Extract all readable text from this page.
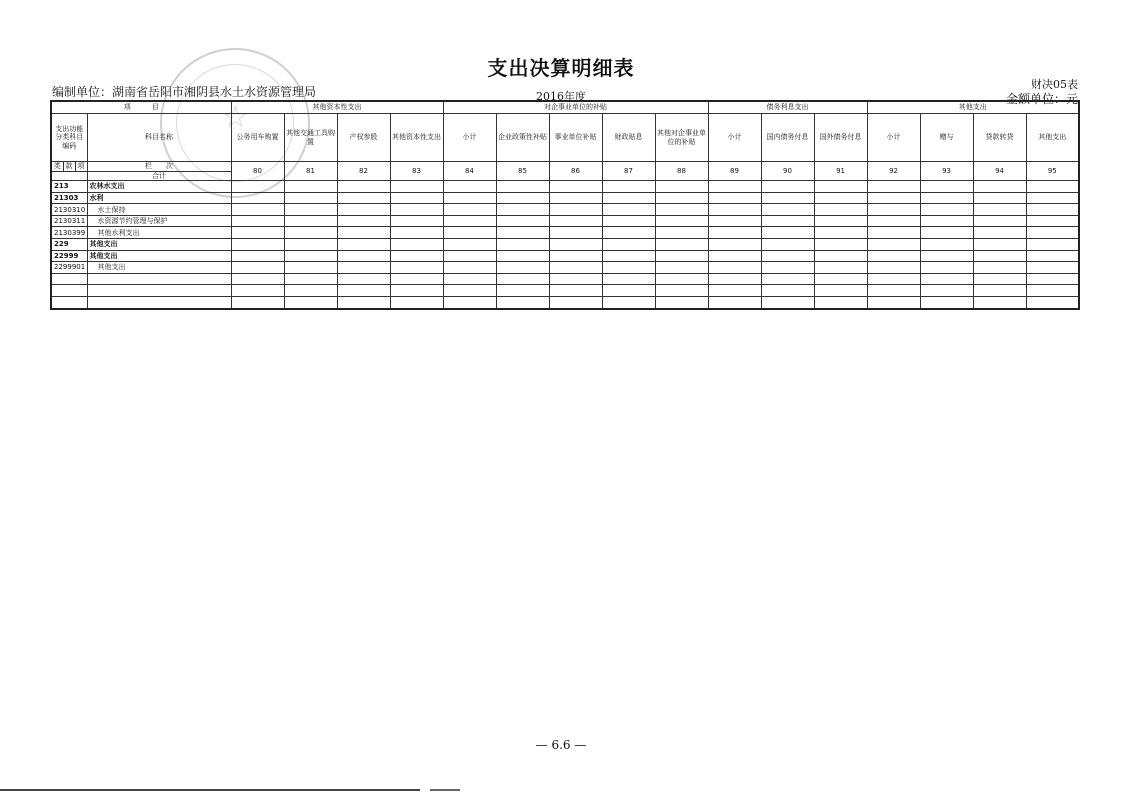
支出决算明细表
财决05表
编制单位：湖南省岳阳市湘阴县水土水资源管理局	2016年度	金额单位：元
☆
项　　　目				其他资本性支出				对企事业单位的补贴					债务利息支出			其他支出			
支出功能分类科目编码			科目名称	公务用车购置	其他交通工具购置	产权参股	其他资本性支出	小计	企业政策性补贴	事业单位补贴	财政贴息	其他对企事业单位的补贴	小计	国内债务付息	国外债务付息	小计	赠与	贷款转贷	其他支出
类	款	项																	
			栏　　次	80	81	82	83	84	85	86	87	88	89	90	91	92	93	94	95
			合计																
213			农林水支出																
21303			水利																
2130310			水土保持																
2130311			水资源节约管理与保护																
2130399			其他水利支出																
229			其他支出																
22999			其他支出																
2299901			其他支出																

— 6.6 —
